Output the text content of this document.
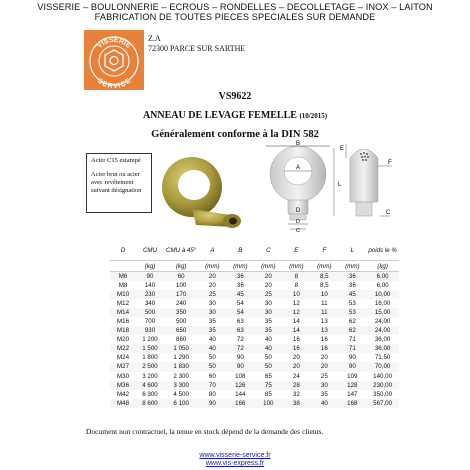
VISSERIE – BOULONNERIE – ECROUS – RONDELLES – DECOLLETAGE – INOX – LAITON
FABRICATION DE TOUTES PIECES SPECIALES SUR DEMANDE
VISSERIE
SERVICE
Z.A
72300 PARCE SUR SARTHE
VS9622
ANNEAU DE LEVAGE FEMELLE (10/2015)
Généralement conforme à la DIN 582
Acier C15 estampé
Acier brut ou acier avec revêtement suivant désignation
B
A
D
D
C
L
E
F
C
D	CMU	CMU à 45°	A	B	C	E	F	L	poids le %
	(kg)	(kg)	(mm)	(mm)	(mm)	(mm)	(mm)	(mm)	(kg)
M6	90	60	20	36	20	8	8,5	36	6,00
M8	140	100	20	36	20	8	8,5	36	6,00
M10	230	170	25	45	25	10	10	45	10,00
M12	340	240	30	54	30	12	11	53	16,00
M14	500	350	30	54	30	12	11	53	15,00
M16	700	500	35	63	35	14	13	62	24,00
M18	930	650	35	63	35	14	13	62	24,00
M20	1 200	860	40	72	40	16	16	71	36,00
M22	1 500	1 050	40	72	40	16	16	71	36,00
M24	1 800	1 290	50	90	50	20	20	90	71,50
M27	2 500	1 830	50	90	50	20	20	90	70,00
M30	3 200	2 300	60	108	65	24	25	109	140,00
M36	4 600	3 300	70	126	75	28	30	128	230,00
M42	6 300	4 500	80	144	85	32	35	147	350,00
M48	8 600	6 100	90	166	100	38	40	168	567,00
Document non contractuel, la tenue en stock dépend de la demande des clients.
www.visserie-service.fr
www.vis-express.fr
